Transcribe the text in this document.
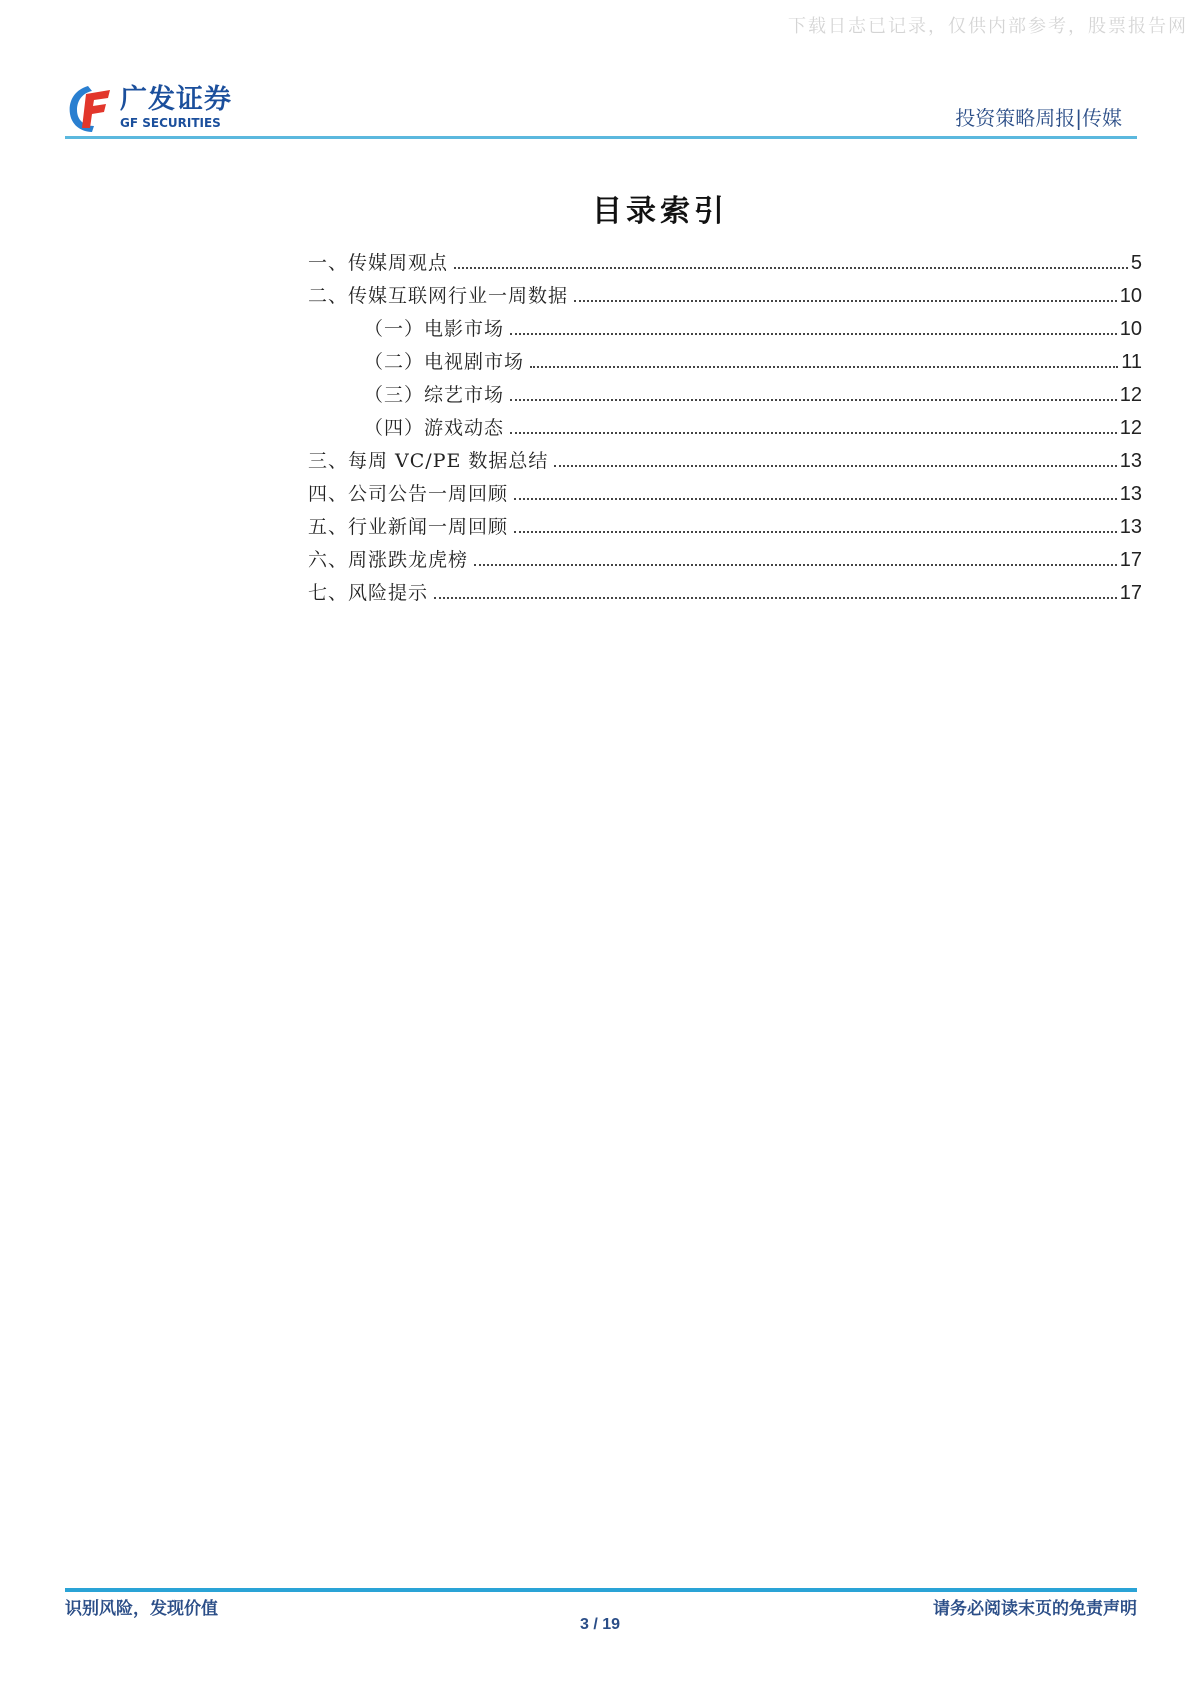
下载日志已记录，仅供内部参考，股票报告网
广发证券
GF SECURITIES	投资策略周报|传媒
目录索引
一、传媒周观点	5
二、传媒互联网行业一周数据	10
（一）电影市场	10
（二）电视剧市场	11
（三）综艺市场	12
（四）游戏动态	12
三、每周 VC/PE 数据总结	13
四、公司公告一周回顾	13
五、行业新闻一周回顾	13
六、周涨跌龙虎榜	17
七、风险提示	17
识别风险，发现价值	请务必阅读末页的免责声明
3 / 19
